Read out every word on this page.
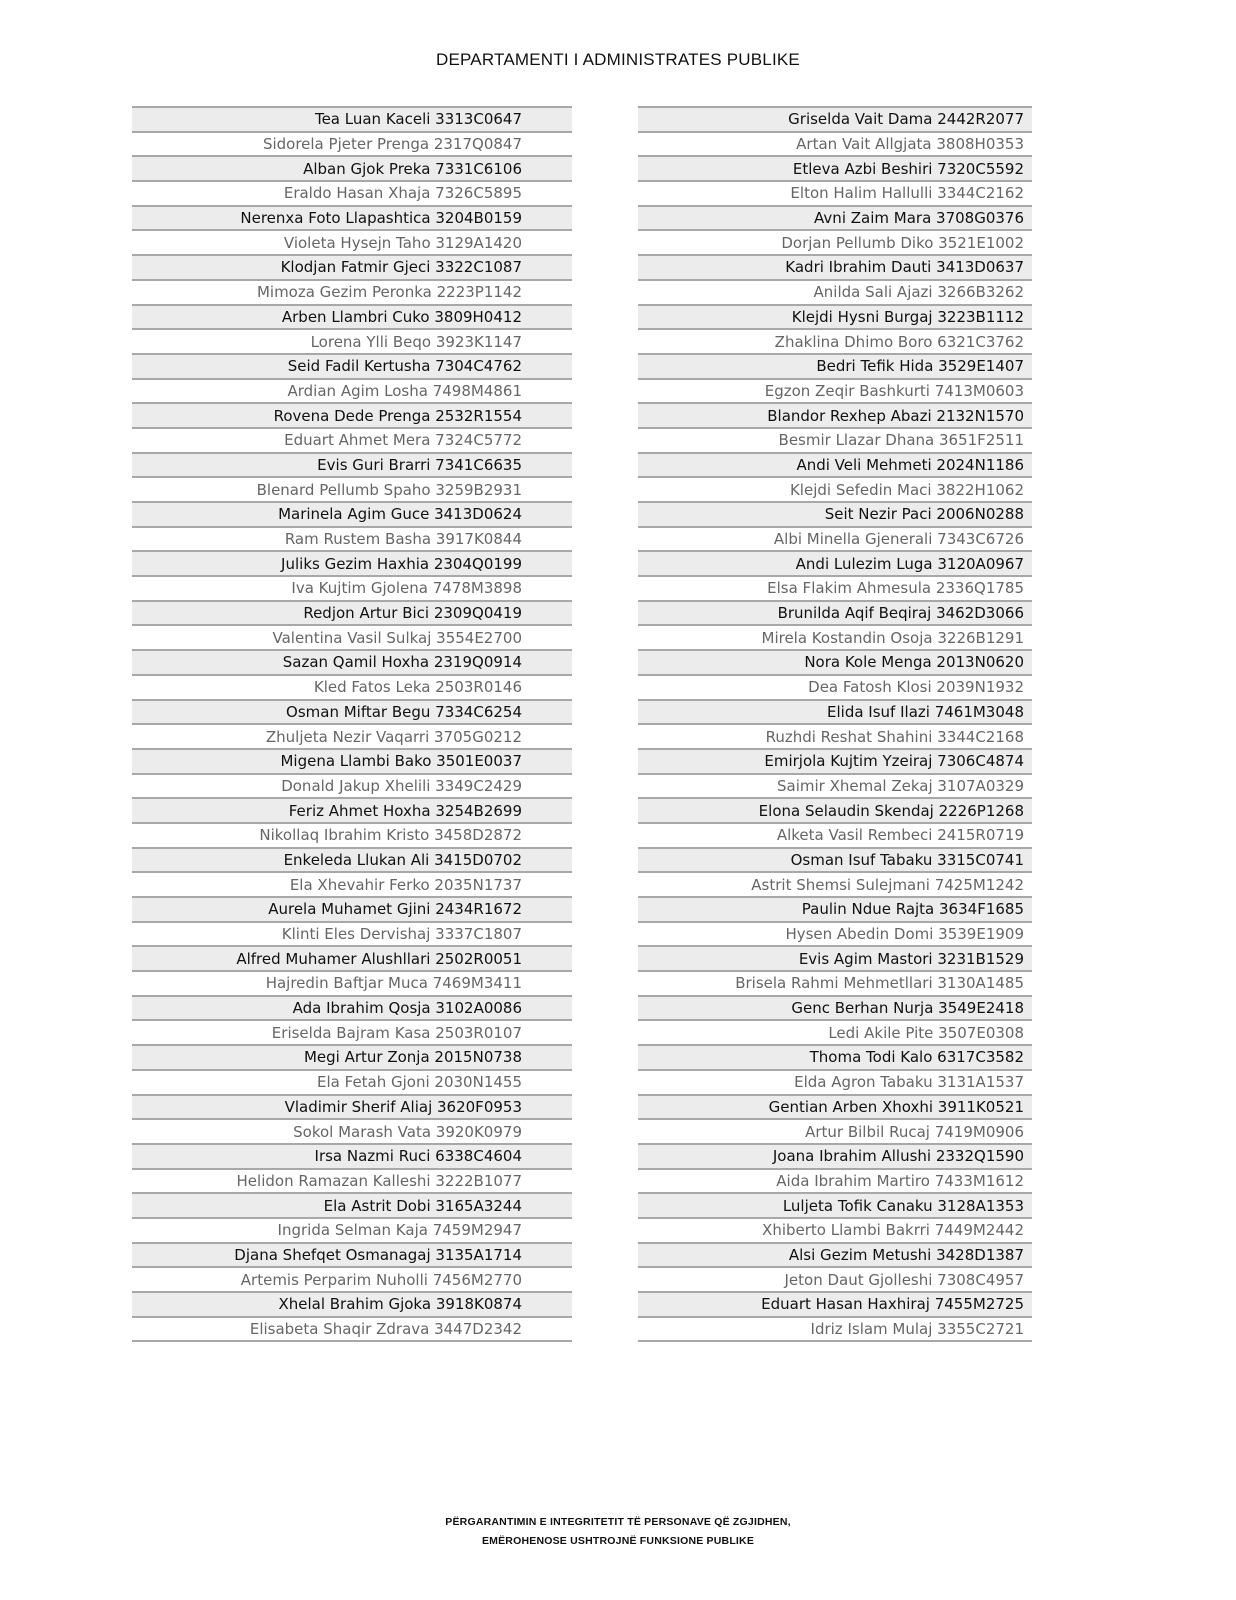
DEPARTAMENTI I ADMINISTRATES PUBLIKE
Tea Luan Kaceli 3313C0647
Sidorela Pjeter Prenga 2317Q0847
Alban Gjok Preka 7331C6106
Eraldo Hasan Xhaja 7326C5895
Nerenxa Foto Llapashtica 3204B0159
Violeta Hysejn Taho 3129A1420
Klodjan Fatmir Gjeci 3322C1087
Mimoza Gezim Peronka 2223P1142
Arben Llambri Cuko 3809H0412
Lorena Ylli Beqo 3923K1147
Seid Fadil Kertusha 7304C4762
Ardian Agim Losha 7498M4861
Rovena Dede Prenga 2532R1554
Eduart Ahmet Mera 7324C5772
Evis Guri Brarri 7341C6635
Blenard Pellumb Spaho 3259B2931
Marinela Agim Guce 3413D0624
Ram Rustem Basha 3917K0844
Juliks Gezim Haxhia 2304Q0199
Iva Kujtim Gjolena 7478M3898
Redjon Artur Bici 2309Q0419
Valentina Vasil Sulkaj 3554E2700
Sazan Qamil Hoxha 2319Q0914
Kled Fatos Leka 2503R0146
Osman Miftar Begu 7334C6254
Zhuljeta Nezir Vaqarri 3705G0212
Migena Llambi Bako 3501E0037
Donald Jakup Xhelili 3349C2429
Feriz Ahmet Hoxha 3254B2699
Nikollaq Ibrahim Kristo 3458D2872
Enkeleda Llukan Ali 3415D0702
Ela Xhevahir Ferko 2035N1737
Aurela Muhamet Gjini 2434R1672
Klinti Eles Dervishaj 3337C1807
Alfred Muhamer Alushllari 2502R0051
Hajredin Baftjar Muca 7469M3411
Ada Ibrahim Qosja 3102A0086
Eriselda Bajram Kasa 2503R0107
Megi Artur Zonja 2015N0738
Ela Fetah Gjoni 2030N1455
Vladimir Sherif Aliaj 3620F0953
Sokol Marash Vata 3920K0979
Irsa Nazmi Ruci 6338C4604
Helidon Ramazan Kalleshi 3222B1077
Ela Astrit Dobi 3165A3244
Ingrida Selman Kaja 7459M2947
Djana Shefqet Osmanagaj 3135A1714
Artemis Perparim Nuholli 7456M2770
Xhelal Brahim Gjoka 3918K0874
Elisabeta Shaqir Zdrava 3447D2342
Griselda Vait Dama 2442R2077
Artan Vait Allgjata 3808H0353
Etleva Azbi Beshiri 7320C5592
Elton Halim Hallulli 3344C2162
Avni Zaim Mara 3708G0376
Dorjan Pellumb Diko 3521E1002
Kadri Ibrahim Dauti 3413D0637
Anilda Sali Ajazi 3266B3262
Klejdi Hysni Burgaj 3223B1112
Zhaklina Dhimo Boro 6321C3762
Bedri Tefik Hida 3529E1407
Egzon Zeqir Bashkurti 7413M0603
Blandor Rexhep Abazi 2132N1570
Besmir Llazar Dhana 3651F2511
Andi Veli Mehmeti 2024N1186
Klejdi Sefedin Maci 3822H1062
Seit Nezir Paci 2006N0288
Albi Minella Gjenerali 7343C6726
Andi Lulezim Luga 3120A0967
Elsa Flakim Ahmesula 2336Q1785
Brunilda Aqif Beqiraj 3462D3066
Mirela Kostandin Osoja 3226B1291
Nora Kole Menga 2013N0620
Dea Fatosh Klosi 2039N1932
Elida Isuf Ilazi 7461M3048
Ruzhdi Reshat Shahini 3344C2168
Emirjola Kujtim Yzeiraj 7306C4874
Saimir Xhemal Zekaj 3107A0329
Elona Selaudin Skendaj 2226P1268
Alketa Vasil Rembeci 2415R0719
Osman Isuf Tabaku 3315C0741
Astrit Shemsi Sulejmani 7425M1242
Paulin Ndue Rajta 3634F1685
Hysen Abedin Domi 3539E1909
Evis Agim Mastori 3231B1529
Brisela Rahmi Mehmetllari 3130A1485
Genc Berhan Nurja 3549E2418
Ledi Akile Pite 3507E0308
Thoma Todi Kalo 6317C3582
Elda Agron Tabaku 3131A1537
Gentian Arben Xhoxhi 3911K0521
Artur Bilbil Rucaj 7419M0906
Joana Ibrahim Allushi 2332Q1590
Aida Ibrahim Martiro 7433M1612
Luljeta Tofik Canaku 3128A1353
Xhiberto Llambi Bakrri 7449M2442
Alsi Gezim Metushi 3428D1387
Jeton Daut Gjolleshi 7308C4957
Eduart Hasan Haxhiraj 7455M2725
Idriz Islam Mulaj 3355C2721
PËRGARANTIMIN E INTEGRITETIT TË PERSONAVE QË ZGJIDHEN,
EMËROHENOSE USHTROJNË FUNKSIONE PUBLIKE
